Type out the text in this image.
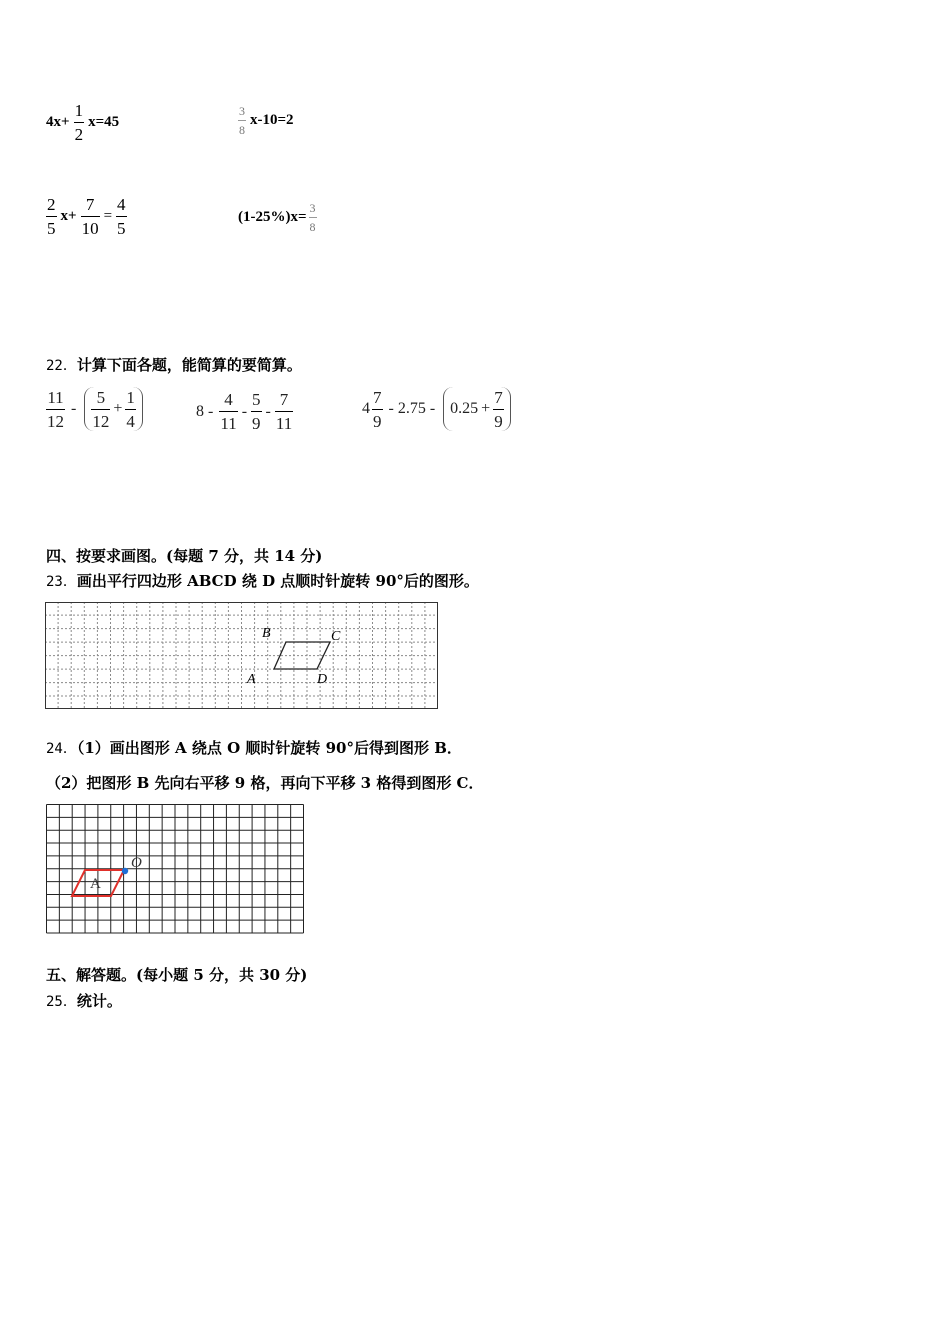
$4x+ \frac{1}{2} x=45$	$\frac{3}{8} x-10=2$
$\frac{2}{5} x+ \frac{7}{10} = \frac{4}{5}$	$(1-25\%)x= \frac{3}{8}$
22．计算下面各题，能简算的要简算。
$\frac{11}{12} - \frac{5}{12} + \frac{1}{4}$	$8 - \frac{4}{11} - \frac{5}{9} - \frac{7}{11}$	$4 \frac{7}{9} - 2.75 - 0.25 + \frac{7}{9}$
四、按要求画图。(每题 7 分，共 14 分)
23．画出平行四边形 ABCD 绕 D 点顺时针旋转 90°后的图形。
B	C
A	D
24．（1）画出图形 A 绕点 O 顺时针旋转 90°后得到图形 B．
（2）把图形 B 先向右平移 9 格，再向下平移 3 格得到图形 C．
A
O
五、解答题。(每小题 5 分，共 30 分)
25．统计。
